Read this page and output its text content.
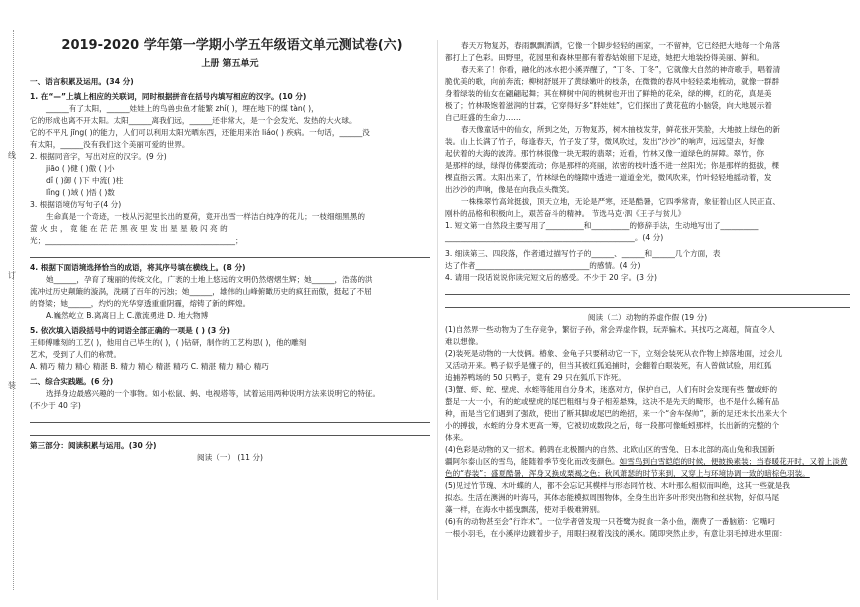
线
订
装
2019-2020 学年第一学期小学五年级语文单元测试卷(六)
上册 第五单元

一、语言积累及运用。(34 分)

1. 在“—”上填上相应的关联词，同时根据拼音在括号内填写相应的汉字。(10 分)

______有了太阳，______娃娃上的鸟兽虫鱼才能繁 zhí( )，埋在地下的煤 tàn( )，

它的形成也离不开太阳。太阳______离我们远，______还非常大，是一个会发光、发热的大火球。

它的不平凡 jīng( )的能力，人们可以利用太阳光晒东西，还能用来治 liáo( ) 疾病。一句话，______没

有太阳，______没有我们这个美丽可爱的世界。

2. 根据同音字，写出对应的汉字。(9 分)

jiāo ( )健 ( )傲 ( )小

dǐ ( )御 ( )下 中流( )柱

lǐng ( )域 ( )悟 ( )数

3. 根据语境仿写句子(4 分)

生命真是一个奇迹，一枝从污泥里长出的夏荷，竟开出雪一样洁白纯净的花儿；一枝细细黑黑的

萤 火 虫 ， 竟 能 在 茫 茫 黑 夜 里 发 出 星 星 般 闪 亮 的

光；__________________________________________________；

4. 根据下面语境选择恰当的成语，将其序号填在横线上。(8 分)

她______，孕育了瑰丽的传统文化，广袤的土地上悠远的文明仍然熠熠生辉；她______，浩荡的洪

流冲过历史颠簸的漩涡，洗刷了百年的污浊；她______，雄伟的山峰俯瞰历史的疯狂而傲，挺起了不屈

的脊梁；她______，灼灼的光华穿透重重阴霾，熔铸了新的辉煌。

A.巍然屹立 B.离离日上 C.激流勇进 D. 地大物博

5. 依次填入语段括号中的词语全部正确的一项是 ( ) (3 分)

王师傅雕刻的工艺( )，他用自己毕生的( )，( )钻研，制作的工艺构思( )，他的雕刻

艺术，受到了人们的称赞。

A. 精巧 精力 精心 精湛 B. 精力 精心 精湛 精巧 C. 精湛 精力 精心 精巧

二、综合实践题。(6 分)

选择身边最感兴趣的一个事物。如小松鼠、蚂、电视塔等，试着运用两种说明方法来说明它的特征。

(不少于 40 字)

第三部分：阅读积累与运用。(30 分)

阅读（一） (11 分)

春天万物复苏，春雨飘飘洒洒，它像一个脚步轻轻的画家，一不留神，它已经把大地每一个角落

都打上了色彩。田野里，花园里和森林里都有着春姑娘留下足迹，她把大地装扮得美丽、鲜和。

春天来了！你看，融化的冰水把小溪弄醒了，“丁冬、丁冬”，它就像大自然的神奇歌手，唱着清

脆优美的歌，向前奔流；柳树舒展开了黄绿嫩叶的枝条，在微微的春风中轻轻柔地梳动，就像一群群

身着绿装的仙女在翩翩起舞；其在柳树中间的桃树也开出了鲜艳的花朵，绿的柳，红的花，真是美

极了；竹林吸饱着滋润的甘霖，它穿得好多“胖娃娃”，它们探出了黄花苞的小脑袋，向大地展示着

自己旺盛的生命力……

春天像童话中的仙女，所到之处，万物复苏，树木抽枝发芽，鲜花张开笑脸，大地披上绿色的新

装。山上长满了竹子，每逢春天，竹子发了芽，微风吹过，发出“沙沙”的响声，远远望去，好像

起伏着的大海的波涛。那竹林很像一块无瑕的翡翠；近看，竹林又像一道绿色的屏障。翠竹，你

是那样的绿，绿得仿佛要流动；你是那样的亮丽，浓密的枝叶透不进一丝阳光；你是那样的挺拔，棵

棵直指云霄。太阳出来了，竹林绿色的缝隙中透进一道道金光，微风吹来，竹叶轻轻地摇动着，发

出沙沙的声响，像是在向我点头微笑。

一株株翠竹高耸挺拔，顶天立地，无论是严寒，还是酷暑，它四季常青，象征着山区人民正直、

刚朴的品格和积极向上，艰苦奋斗的精神。 节选马克·泗《王子与贫儿》

1. 短文第一自然段主要写用了__________和__________的修辞手法，生动地写出了__________

__________________________________________________。(4 分)

3. 细读第三、四段落，作者通过描写竹子的______、______和______几个方面，表

达了作者______________________________的感情。(4 分)

4. 请用一段话说说你读完短文后的感受。不少于 20 字。(3 分)

阅读（二）动物的养虚作假 (19 分)

(1)自然界一些动物为了生存竞争，繁衍子孙，常会弄虚作假，玩弄骗术。其找巧之离超，简直令人

难以想像。

(2)装死是动物的一大伎俩。椿象、金龟子只要稍动它一下，立刻会装死从衣作物上掉落地面，过会儿

又活动开来。鸭子似乎是懂子的，但当其被红狐追捕时，会翻着白眼装死，有人曾做试验，用红狐

追捕养鸭场的 50 只鸭子，竟有 29 只在狐爪下诈死。

(3)蟹、虾、蛇、壁虎、水蛭等能用自分身术，迷惑对方，保护自己，人们有时会发现有些 蟹或虾的

螯足一大一小，有的蛇或壁虎的尾巴粗细与身子相差悬殊，这决不是先天的畸形，也不是什么稀有品

种，而是当它们遇到了强敌，使出了断其脚或尾巴的绝招，来一个“舍车保帅”，新的足还未长出来大个

小的搏拔，水蛭的分身术更高一筹，它被切成数段之后，每一段都可像蚯蚓那样，长出新的完整的个

体来。

(4)色彩是动物的又一招术。鹤鹑在北极圈内的自然、北欧山区的雪兔、日本北部的高山兔和我国新

疆阿尔泰山区的雪鸟，能随着季节变化而改变颜色。如雪鸟到白雪皑皑的时候，便披换素装；当春暖花开时，又着上淡黄色的“春装”；盛夏酷暑，浑身又换成栗褐之色；秋风萧瑟的时节来到，又穿上与环境协调一致的暗棕色羽装。

(5)见过竹节瑰、木叶蝶的人，都不会忘记其模样与形态同竹枝、木叶那么相似而叫绝，这其一些就是我

拟态。生活在澳洲的叶海马，其体态能模拟周围物体，全身生出许多叶形突出物和丝状物，好似马尾

藻一样，在海水中摇曳飘荡，使对手极难辨别。

(6)有的动物甚至会“行诈术”。一位学者曾发现一只苍鹭为捉食一条小鱼，潮费了一番脑筋：它嘴叼

一根小羽毛，在小溪岸边踱着步子，用眼扫视着浅浅的溪水。随即突然止步，有意让羽毛掉进水里面：
